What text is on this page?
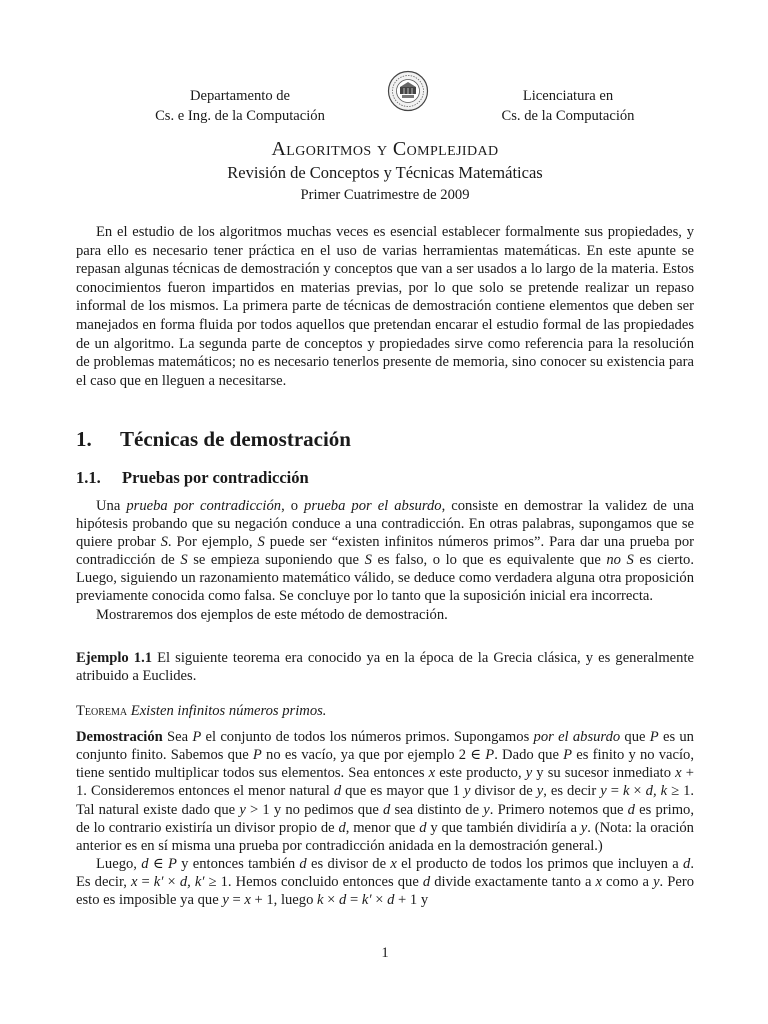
Departamento de
Cs. e Ing. de la Computación
Licenciatura en
Cs. de la Computación
Algoritmos y Complejidad
Revisión de Conceptos y Técnicas Matemáticas
Primer Cuatrimestre de 2009

En el estudio de los algoritmos muchas veces es esencial establecer formalmente sus propiedades, y para ello es necesario tener práctica en el uso de varias herramientas matemáticas. En este apunte se repasan algunas técnicas de demostración y conceptos que van a ser usados a lo largo de la materia. Estos conocimientos fueron impartidos en materias previas, por lo que solo se pretende realizar un repaso informal de los mismos. La primera parte de técnicas de demostración contiene elementos que deben ser manejados en forma fluida por todos aquellos que pretendan encarar el estudio formal de las propiedades de un algoritmo. La segunda parte de conceptos y propiedades sirve como referencia para la resolución de problemas matemáticos; no es necesario tenerlos presente de memoria, sino conocer su existencia para el caso que en lleguen a necesitarse.

1. Técnicas de demostración
1.1. Pruebas por contradicción

Una prueba por contradicción, o prueba por el absurdo, consiste en demostrar la validez de una hipótesis probando que su negación conduce a una contradicción. En otras palabras, supongamos que se quiere probar S. Por ejemplo, S puede ser “existen infinitos números primos”. Para dar una prueba por contradicción de S se empieza suponiendo que S es falso, o lo que es equivalente que no S es cierto. Luego, siguiendo un razonamiento matemático válido, se deduce como verdadera alguna otra proposición previamente conocida como falsa. Se concluye por lo tanto que la suposición inicial era incorrecta.

Mostraremos dos ejemplos de este método de demostración.

Ejemplo 1.1 El siguiente teorema era conocido ya en la época de la Grecia clásica, y es generalmente atribuido a Euclides.
Teorema Existen infinitos números primos.

Demostración Sea P el conjunto de todos los números primos. Supongamos por el absurdo que P es un conjunto finito. Sabemos que P no es vacío, ya que por ejemplo 2 ∈ P. Dado que P es finito y no vacío, tiene sentido multiplicar todos sus elementos. Sea entonces x este producto, y y su sucesor inmediato x + 1. Consideremos entonces el menor natural d que es mayor que 1 y divisor de y, es decir y = k × d, k ≥ 1. Tal natural existe dado que y > 1 y no pedimos que d sea distinto de y. Primero notemos que d es primo, de lo contrario existiría un divisor propio de d, menor que d y que también dividiría a y. (Nota: la oración anterior es en sí misma una prueba por contradicción anidada en la demostración general.)

Luego, d ∈ P y entonces también d es divisor de x el producto de todos los primos que incluyen a d. Es decir, x = k′ × d, k′ ≥ 1. Hemos concluido entonces que d divide exactamente tanto a x como a y. Pero esto es imposible ya que y = x + 1, luego k × d = k′ × d + 1 y

1
